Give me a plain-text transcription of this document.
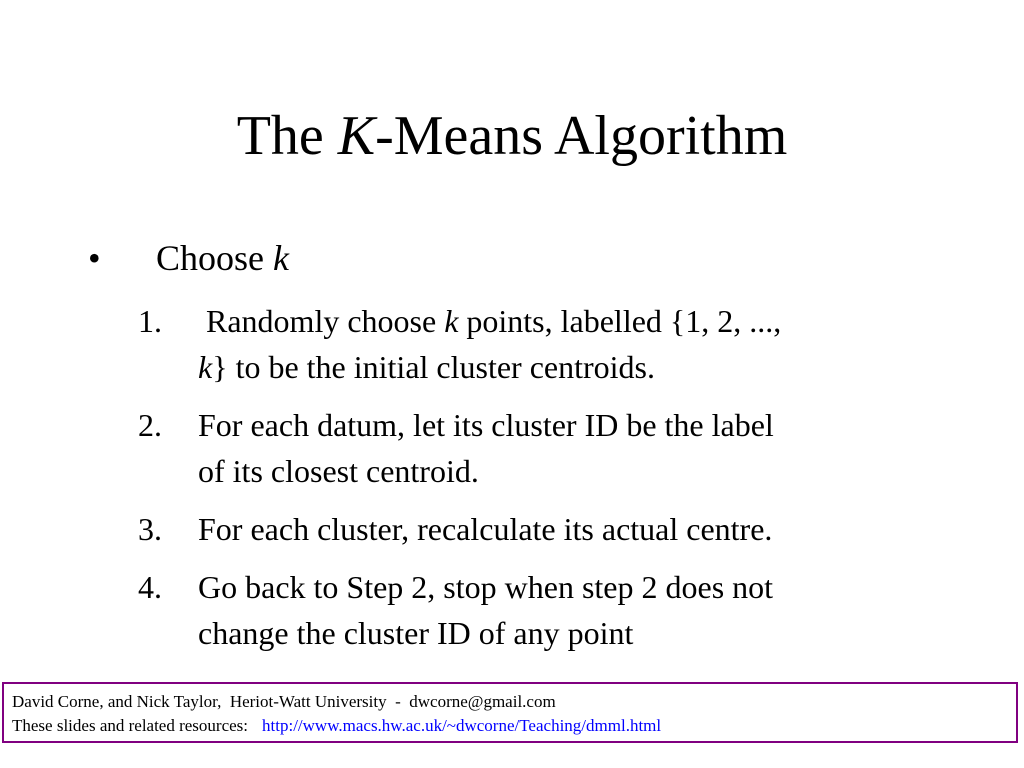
The K-Means Algorithm
• Choose k
1. Randomly choose k points, labelled {1, 2, ...,
k} to be the initial cluster centroids.
2. For each datum, let its cluster ID be the label
of its closest centroid.
3. For each cluster, recalculate its actual centre.
4. Go back to Step 2, stop when step 2 does not
change the cluster ID of any point
David Corne, and Nick Taylor,  Heriot-Watt University  -  dwcorne@gmail.com
These slides and related resources: http://www.macs.hw.ac.uk/~dwcorne/Teaching/dmml.html
